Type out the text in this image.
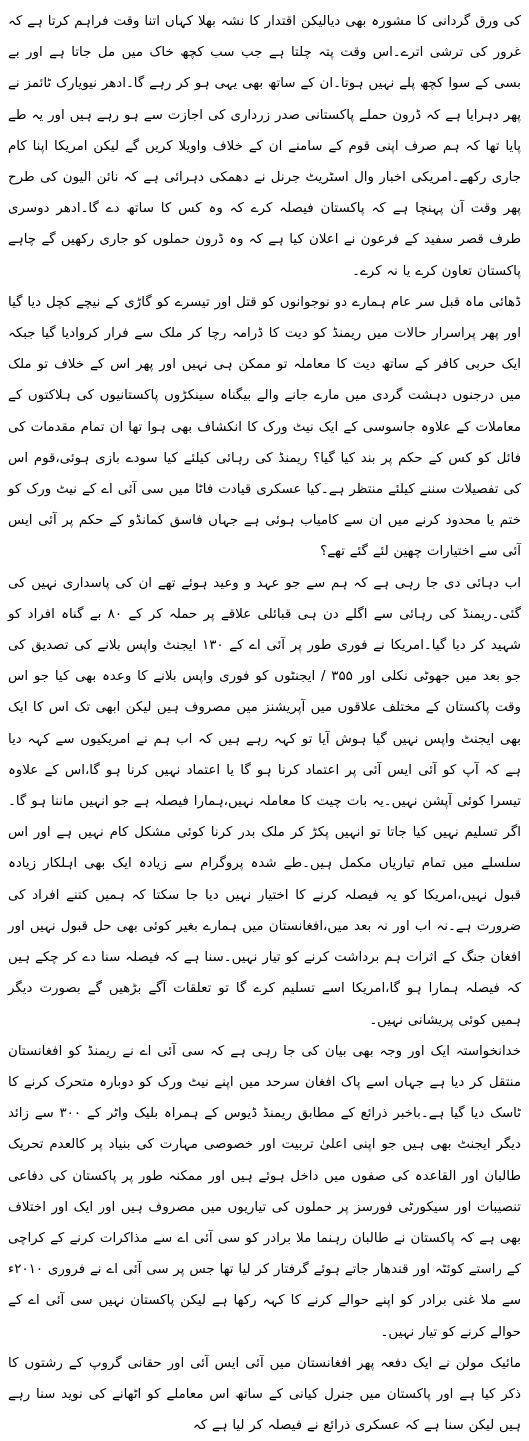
کی ورق گردانی کا مشورہ بھی دیالیکن اقتدار کا نشہ بھلا کہاں اتنا وقت فراہم کرتا ہے کہ غرور کی ترشی اترے۔اس وقت پتہ چلتا ہے جب سب کچھ خاک میں مل جاتا ہے اور بے بسی کے سوا کچھ پلے نہیں ہوتا۔ان کے ساتھ بھی یہی ہو کر رہے گا۔ادھر نیویارک ٹائمز نے پھر دہرایا ہے کہ ڈرون حملے پاکستانی صدر زرداری کی اجازت سے ہو رہے ہیں اور یہ طے پایا تھا کہ ہم صرف اپنی قوم کے سامنے ان کے خلاف واویلا کریں گے لیکن امریکا اپنا کام جاری رکھے۔امریکی اخبار وال اسٹریٹ جرنل نے دھمکی دہرائی ہے کہ نائن الیون کی طرح پھر وقت آن پہنچا ہے کہ پاکستان فیصلہ کرے کہ وہ کس کا ساتھ دے گا۔ادھر دوسری طرف قصر سفید کے فرعون نے اعلان کیا ہے کہ وہ ڈرون حملوں کو جاری رکھیں گے چاہے پاکستان تعاون کرے یا نہ کرے۔

ڈھائی ماہ قبل سر عام ہمارے دو نوجوانوں کو قتل اور تیسرے کو گاڑی کے نیچے کچل دیا گیا اور پھر پراسرار حالات میں ریمنڈ کو دیت کا ڈرامہ رچا کر ملک سے فرار کروادیا گیا جبکہ ایک حربی کافر کے ساتھ دیت کا معاملہ تو ممکن ہی نہیں اور پھر اس کے خلاف تو ملک میں درجنوں دہشت گردی میں مارے جانے والے بیگناہ سینکڑوں پاکستانیوں کی ہلاکتوں کے معاملات کے علاوہ جاسوسی کے ایک نیٹ ورک کا انکشاف بھی ہوا تھا ان تمام مقدمات کی فائل کو کس کے حکم پر بند کیا گیا؟ ریمنڈ کی رہائی کیلئے کیا سودے بازی ہوئی،قوم اس کی تفصیلات سننے کیلئے منتظر ہے۔کیا عسکری قیادت فاٹا میں سی آئی اے کے نیٹ ورک کو ختم یا محدود کرنے میں ان سے کامیاب ہوئی ہے جہاں فاسق کمانڈو کے حکم پر آئی ایس آئی سے اختیارات چھین لئے گئے تھے؟

اب دہائی دی جا رہی ہے کہ ہم سے جو عہد و وعید ہوئے تھے ان کی پاسداری نہیں کی گئی۔ریمنڈ کی رہائی سے اگلے دن ہی قبائلی علاقے پر حملہ کر کے ۸۰ بے گناہ افراد کو شہید کر دیا گیا۔امریکا نے فوری طور پر آئی اے کے ۱۳۰ ایجنٹ واپس بلانے کی تصدیق کی جو بعد میں جھوٹی نکلی اور ۳۵۵ / ایجنٹوں کو فوری واپس بلانے کا وعدہ بھی کیا جو اس وقت پاکستان کے مختلف علاقوں میں آپریشنز میں مصروف ہیں لیکن ابھی تک اس کا ایک بھی ایجنٹ واپس نہیں گیا ہوش آیا تو کہہ رہے ہیں کہ اب ہم نے امریکیوں سے کہہ دیا ہے کہ آپ کو آئی ایس آئی پر اعتماد کرنا ہو گا یا اعتماد نہیں کرنا ہو گا،اس کے علاوہ تیسرا کوئی آپشن نہیں۔یہ بات چیت کا معاملہ نہیں،ہمارا فیصلہ ہے جو انہیں ماننا ہو گا۔اگر تسلیم نہیں کیا جاتا تو انہیں پکڑ کر ملک بدر کرنا کوئی مشکل کام نہیں ہے اور اس سلسلے میں تمام تیاریاں مکمل ہیں۔طے شدہ پروگرام سے زیادہ ایک بھی اہلکار زیادہ قبول نہیں،امریکا کو یہ فیصلہ کرنے کا اختیار نہیں دیا جا سکتا کہ ہمیں کتنے افراد کی ضرورت ہے۔نہ اب اور نہ بعد میں،افغانستان میں ہمارے بغیر کوئی بھی حل قبول نہیں اور افغان جنگ کے اثرات ہم برداشت کرنے کو تیار نہیں۔سنا ہے کہ فیصلہ سنا دے کر چکے ہیں کہ فیصلہ ہمارا ہو گا،امریکا اسے تسلیم کرے گا تو تعلقات آگے بڑھیں گے بصورت دیگر ہمیں کوئی پریشانی نہیں۔

خدانخواستہ ایک اور وجہ بھی بیان کی جا رہی ہے کہ سی آئی اے نے ریمنڈ کو افغانستان منتقل کر دیا ہے جہاں اسے پاک افغان سرحد میں اپنے نیٹ ورک کو دوبارہ متحرک کرنے کا ٹاسک دیا گیا ہے۔باخبر ذرائع کے مطابق ریمنڈ ڈیوس کے ہمراہ بلیک واٹر کے ۳۰۰ سے زائد دیگر ایجنٹ بھی ہیں جو اپنی اعلیٰ تربیت اور خصوصی مہارت کی بنیاد پر کالعدم تحریک طالبان اور القاعدہ کی صفوں میں داخل ہوئے ہیں اور ممکنہ طور پر پاکستان کی دفاعی تنصیبات اور سیکورٹی فورسز پر حملوں کی تیاریوں میں مصروف ہیں اور ایک اور اختلاف بھی ہے کہ پاکستان نے طالبان رہنما ملا برادر کو سی آئی اے سے مذاکرات کرنے کے کراچی کے راستے کوئٹہ اور قندھار جاتے ہوئے گرفتار کر لیا تھا جس پر سی آئی اے نے فروری ۲۰۱۰ء سے ملا غنی برادر کو اپنے حوالے کرنے کا کہہ رکھا ہے لیکن پاکستان نہیں سی آئی اے کے حوالے کرنے کو تیار نہیں۔

مائیک مولن نے ایک دفعہ پھر افغانستان میں آئی ایس آئی اور حقانی گروپ کے رشتوں کا ذکر کیا ہے اور پاکستان میں جنرل کیانی کے ساتھ اس معاملے کو اٹھانے کی نوید سنا رہے ہیں لیکن سنا ہے کہ عسکری ذرائع نے فیصلہ کر لیا ہے کہ
